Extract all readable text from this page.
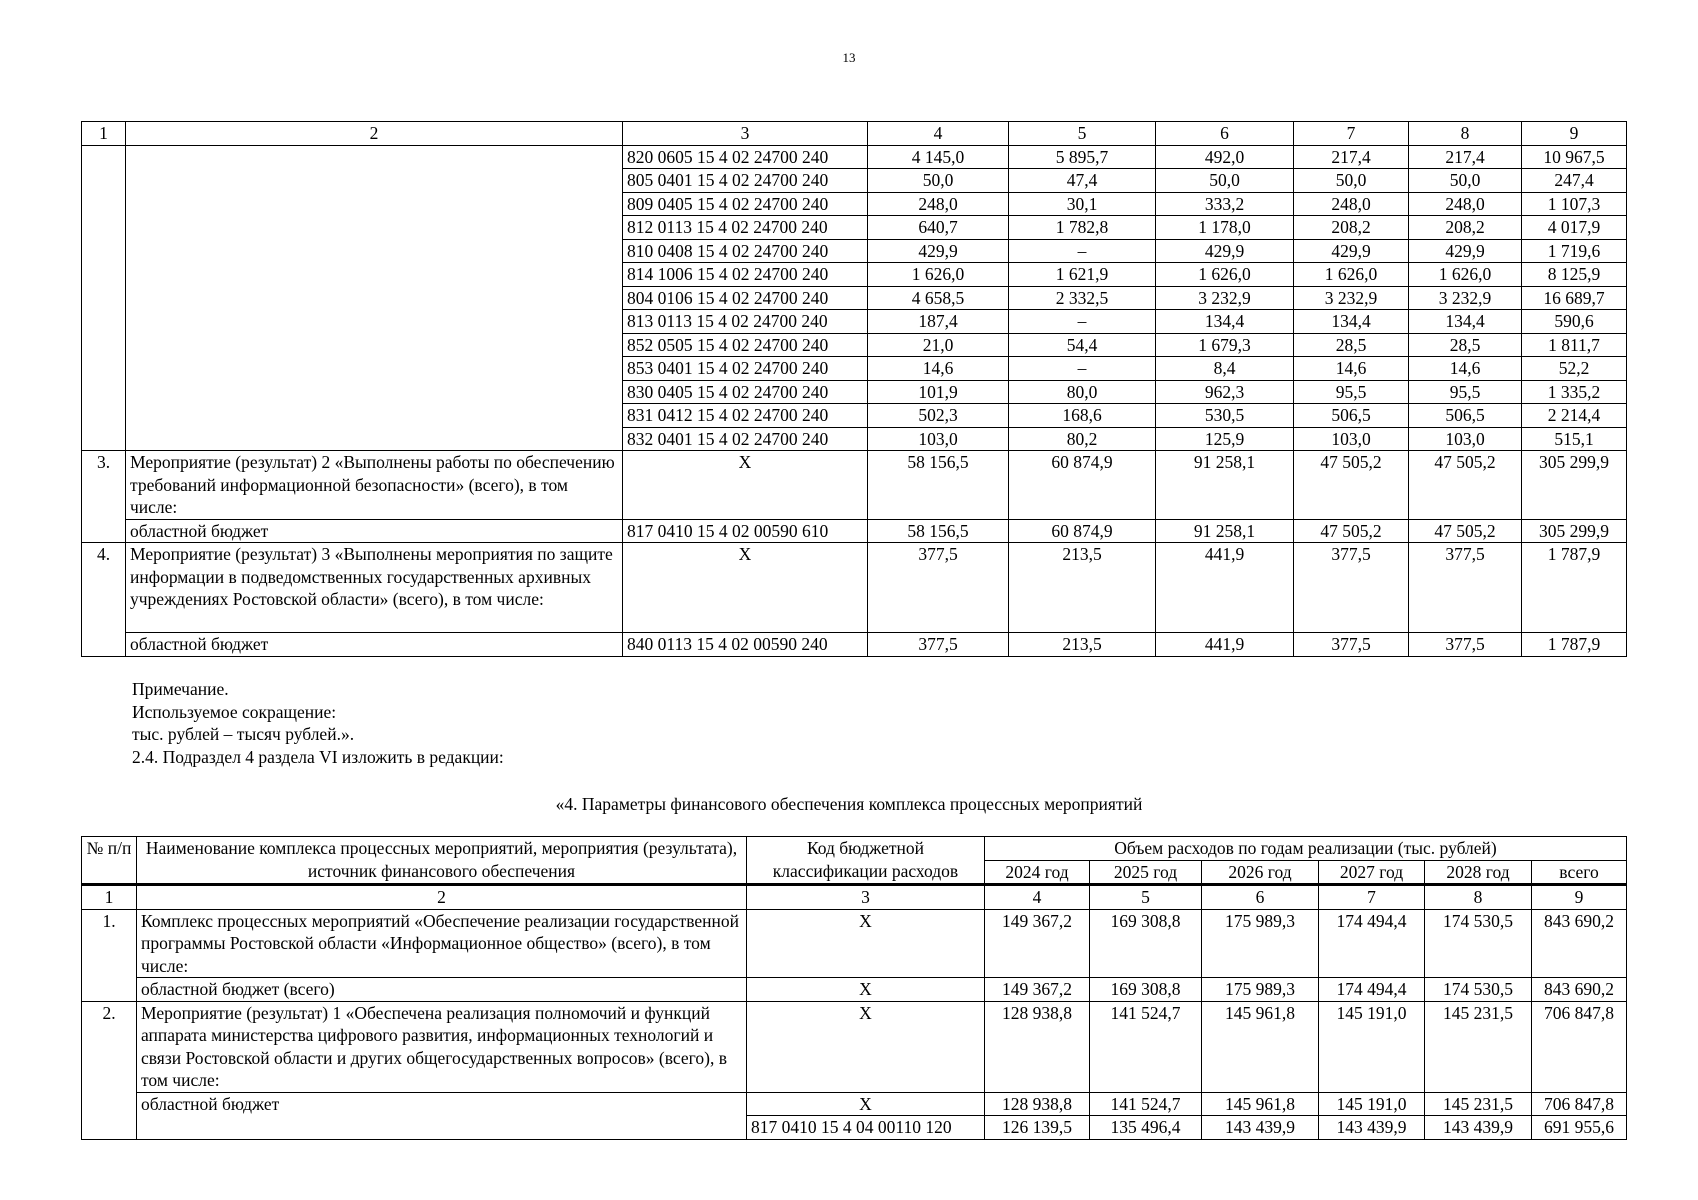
13
1	2	3	4	5	6	7	8	9
		820 0605 15 4 02 24700 240	4 145,0	5 895,7	492,0	217,4	217,4	10 967,5
		805 0401 15 4 02 24700 240	50,0	47,4	50,0	50,0	50,0	247,4
		809 0405 15 4 02 24700 240	248,0	30,1	333,2	248,0	248,0	1 107,3
		812 0113 15 4 02 24700 240	640,7	1 782,8	1 178,0	208,2	208,2	4 017,9
		810 0408 15 4 02 24700 240	429,9	–	429,9	429,9	429,9	1 719,6
		814 1006 15 4 02 24700 240	1 626,0	1 621,9	1 626,0	1 626,0	1 626,0	8 125,9
		804 0106 15 4 02 24700 240	4 658,5	2 332,5	3 232,9	3 232,9	3 232,9	16 689,7
		813 0113 15 4 02 24700 240	187,4	–	134,4	134,4	134,4	590,6
		852 0505 15 4 02 24700 240	21,0	54,4	1 679,3	28,5	28,5	1 811,7
		853 0401 15 4 02 24700 240	14,6	–	8,4	14,6	14,6	52,2
		830 0405 15 4 02 24700 240	101,9	80,0	962,3	95,5	95,5	1 335,2
		831 0412 15 4 02 24700 240	502,3	168,6	530,5	506,5	506,5	2 214,4
		832 0401 15 4 02 24700 240	103,0	80,2	125,9	103,0	103,0	515,1
3.	Мероприятие (результат) 2 «Выполнены работы по обеспечению требований информационной безопасности» (всего), в том числе:	X	58 156,5	60 874,9	91 258,1	47 505,2	47 505,2	305 299,9
	областной бюджет	817 0410 15 4 02 00590 610	58 156,5	60 874,9	91 258,1	47 505,2	47 505,2	305 299,9
4.	Мероприятие (результат) 3 «Выполнены мероприятия по защите информации в подведомственных государственных архивных учреждениях Ростовской области» (всего), в том числе:	X	377,5	213,5	441,9	377,5	377,5	1 787,9
	областной бюджет	840 0113 15 4 02 00590 240	377,5	213,5	441,9	377,5	377,5	1 787,9
Примечание.
Используемое сокращение:
тыс. рублей – тысяч рублей.».
2.4. Подраздел 4 раздела VI изложить в редакции:
«4. Параметры финансового обеспечения комплекса процессных мероприятий
№ п/п	Наименование комплекса процессных мероприятий, мероприятия (результата), источник финансового обеспечения	Код бюджетной классификации расходов	Объем расходов по годам реализации (тыс. рублей)					
			2024 год	2025 год	2026 год	2027 год	2028 год	всего
1	2	3	4	5	6	7	8	9
1.	Комплекс процессных мероприятий «Обеспечение реализации государственной программы Ростовской области «Информационное общество» (всего), в том числе:	X	149 367,2	169 308,8	175 989,3	174 494,4	174 530,5	843 690,2
	областной бюджет (всего)	X	149 367,2	169 308,8	175 989,3	174 494,4	174 530,5	843 690,2
2.	Мероприятие (результат) 1 «Обеспечена реализация полномочий и функций аппарата министерства цифрового развития, информационных технологий и связи Ростовской области и других общегосударственных вопросов» (всего), в том числе:	X	128 938,8	141 524,7	145 961,8	145 191,0	145 231,5	706 847,8
	областной бюджет	X	128 938,8	141 524,7	145 961,8	145 191,0	145 231,5	706 847,8
		817 0410 15 4 04 00110 120	126 139,5	135 496,4	143 439,9	143 439,9	143 439,9	691 955,6
